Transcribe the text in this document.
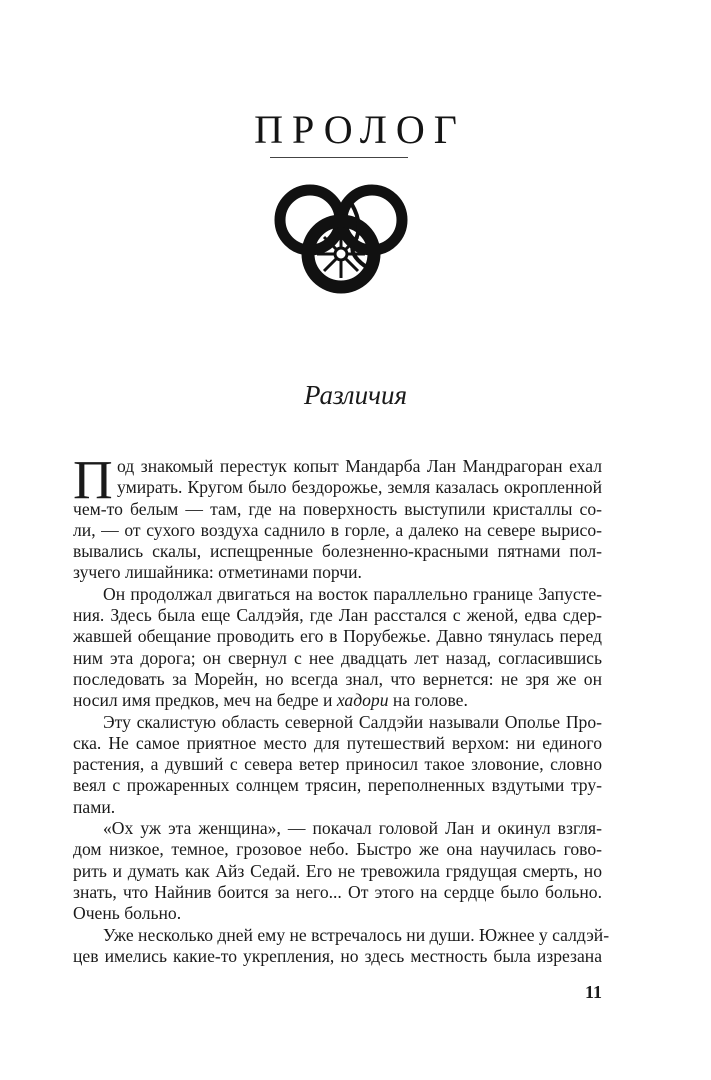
ПРОЛОГ
Различия
П од знакомый перестук копыт Мандарба Лан Мандрагоран ехал
умирать. Кругом было бездорожье, земля казалась окропленной
чем-то белым — там, где на поверхность выступили кристаллы со-
ли, — от сухого воздуха саднило в горле, а далеко на севере вырисо-
вывались скалы, испещренные болезненно-красными пятнами пол-
зучего лишайника: отметинами порчи.
Он продолжал двигаться на восток параллельно границе Запусте-
ния. Здесь была еще Салдэйя, где Лан расстался с женой, едва сдер-
жавшей обещание проводить его в Порубежье. Давно тянулась перед
ним эта дорога; он свернул с нее двадцать лет назад, согласившись
последовать за Морейн, но всегда знал, что вернется: не зря же он
носил имя предков, меч на бедре и хадори на голове.
Эту скалистую область северной Салдэйи называли Ополье Про-
ска. Не самое приятное место для путешествий верхом: ни единого
растения, а дувший с севера ветер приносил такое зловоние, словно
веял с прожаренных солнцем трясин, переполненных вздутыми тру-
пами.
«Ох уж эта женщина», — покачал головой Лан и окинул взгля-
дом низкое, темное, грозовое небо. Быстро же она научилась гово-
рить и думать как Айз Седай. Его не тревожила грядущая смерть, но
знать, что Найнив боится за него... От этого на сердце было больно.
Очень больно.
Уже несколько дней ему не встречалось ни души. Южнее у салдэй-
цев имелись какие-то укрепления, но здесь местность была изрезана
11
